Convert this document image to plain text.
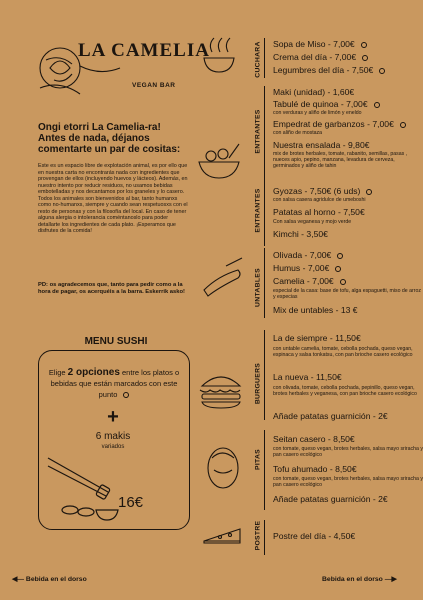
LA CAMELIA
VEGAN BAR
Ongi etorri La Camelia-ra! Antes de nada, déjanos comentarte un par de cositas:
Este es un espacio libre de explotación animal, es por ello que en nuestra carta no encontrarás nada con ingredientes que provengan de ellos (incluyendo huevos y lácteos). Además, en nuestro intento por reducir residuos, no usamos bebidas embotelladas y nos decantamos por los graneles y lo casero. Todos los animales son bienvenidos al bar, tanto humanxs como no-humanxs, siempre y cuando sean respetuosxs con el resto de personas y con la filosofía del local. En caso de tener alguna alergia o intolerancia coméntanoslo para poder detallarte los ingredientes de cada plato. ¡Esperamos que disfrutes de la comida!
PD: os agradecemos que, tanto para pedir como a la hora de pagar, os acerquéis a la barra. Eskerrik asko!
MENU SUSHI
Elige 2 opciones entre los platos o bebidas que están marcados con este punto
+
6 makis
variados
16€
CUCHARA
ENTRANTES
ENTRANTES
UNTABLES
BURGUERS
PITAS
POSTRE
Sopa de Miso - 7,00€
Crema del día - 7,00€
Legumbres del día - 7,50€
Maki (unidad) - 1,60€
Tabulé de quinoa - 7,00€
con verduras y aliño de limón y eneldo
Empedrat de garbanzos - 7,00€
con aliño de mostaza
Nuestra ensalada - 9,80€
mix de brotes herbales, tomate, rabanito, semillas, pasas , nueces apio, pepino, manzana, levadura de cerveza, germinados y aliño de tahin
Gyozas - 7,50€ (6 uds)
con salsa casera agridulce de umeboshi
Patatas al horno - 7,50€
Con salsa veganesa y mojo verde
Kimchi - 3,50€
Olivada - 7,00€
Humus - 7,00€
Camelia - 7,00€
especial de la casa: base de tofu, alga espaguetti, miso de arroz y especias
Mix de untables - 13 €
La de siempre - 11,50€
con untable camelia, tomate, cebolla pochada, queso vegan, espinaca y salsa tonkatsu, con pan brioche casero ecológico
La nueva - 11,50€
con olivada, tomate, cebolla pochada, pepinillo, queso vegan, brotes herbales y veganesa, con pan brioche casero ecológico
Añade patatas guarnición - 2€
Seitan casero - 8,50€
con tomate, queso vegan, brotes herbales, salsa mayo sriracha y pan casero ecológico
Tofu ahumado - 8,50€
con tomate, queso vegan, brotes herbales, salsa mayo sriracha y pan casero ecológico
Añade patatas guarnición - 2€
Postre del día - 4,50€
◀— Bebida en el dorso	Bebida en el dorso —▶
